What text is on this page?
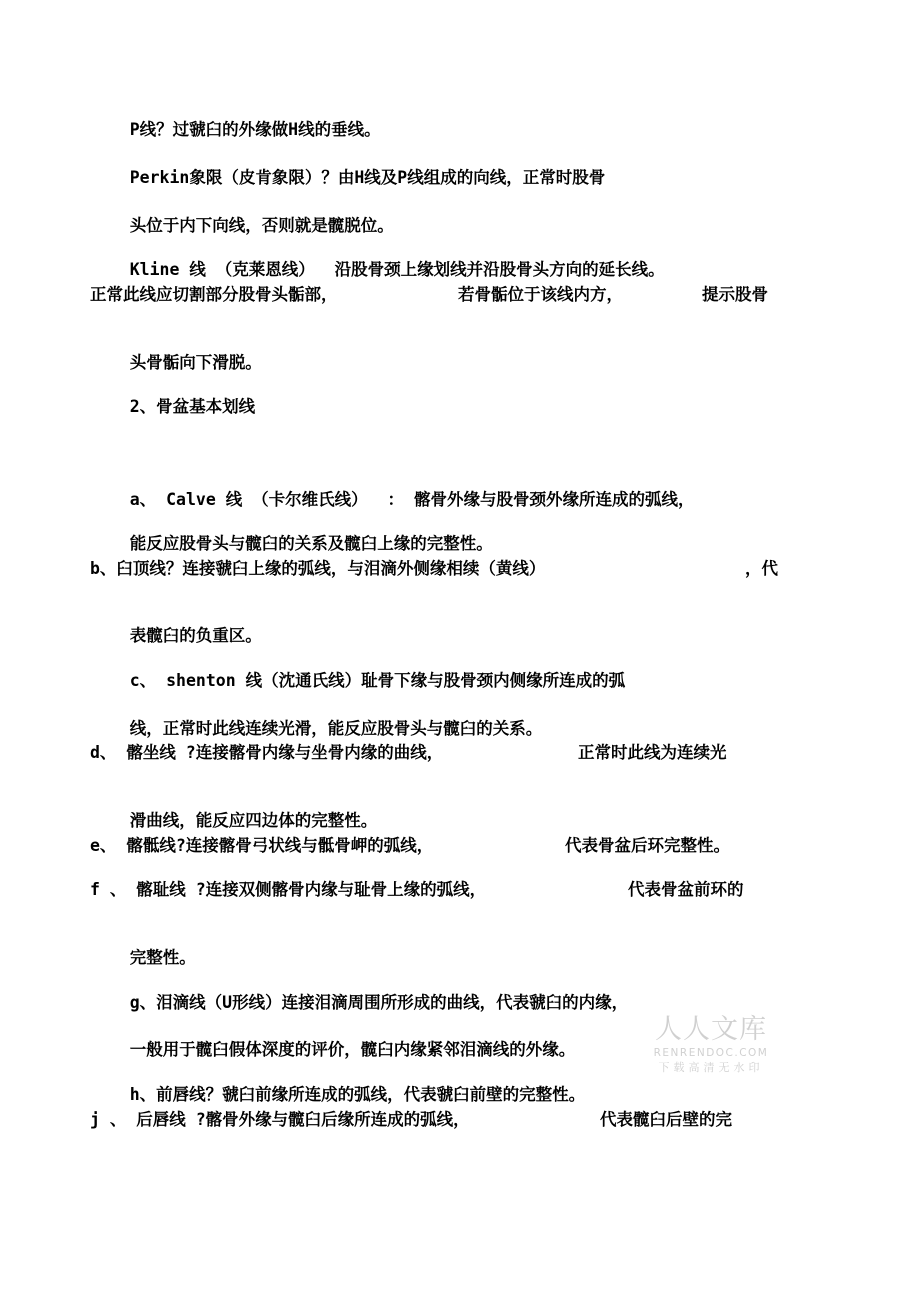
P线？过虢臼的外缘做H线的垂线。

Perkin象限（皮肯象限）？由H线及P线组成的向线，正常时股骨

头位于内下向线，否则就是髋脱位。

Kline 线 （克莱恩线）  沿股骨颈上缘划线并沿股骨头方向的延长线。

正常此线应切割部分股骨头骺部，

	若骨骺位于该线内方，

	提示股骨

头骨骺向下滑脱。

2、骨盆基本划线

a、 Calve 线 （卡尔维氏线）  ： 髂骨外缘与股骨颈外缘所连成的弧线，

能反应股骨头与髋臼的关系及髋臼上缘的完整性。

b、臼顶线？连接虢臼上缘的弧线，与泪滴外侧缘相续（黄线）

	，代

表髋臼的负重区。

c、 shenton 线（沈通氏线）耻骨下缘与股骨颈内侧缘所连成的弧

线，正常时此线连续光滑，能反应股骨头与髋臼的关系。

d、 髂坐线 ?连接髂骨内缘与坐骨内缘的曲线，

	正常时此线为连续光

滑曲线，能反应四边体的完整性。

e、 髂骶线?连接髂骨弓状线与骶骨岬的弧线，

	代表骨盆后环完整性。

f 、 髂耻线 ?连接双侧髂骨内缘与耻骨上缘的弧线，

	代表骨盆前环的

完整性。

g、泪滴线（U形线）连接泪滴周围所形成的曲线，代表虢臼的内缘，

一般用于髋臼假体深度的评价，髋臼内缘紧邻泪滴线的外缘。

h、前唇线？虢臼前缘所连成的弧线，代表虢臼前壁的完整性。

j 、 后唇线 ?髂骨外缘与髋臼后缘所连成的弧线，

	代表髋臼后壁的完

人人文库
RENRENDOC.COM
下载高清无水印
